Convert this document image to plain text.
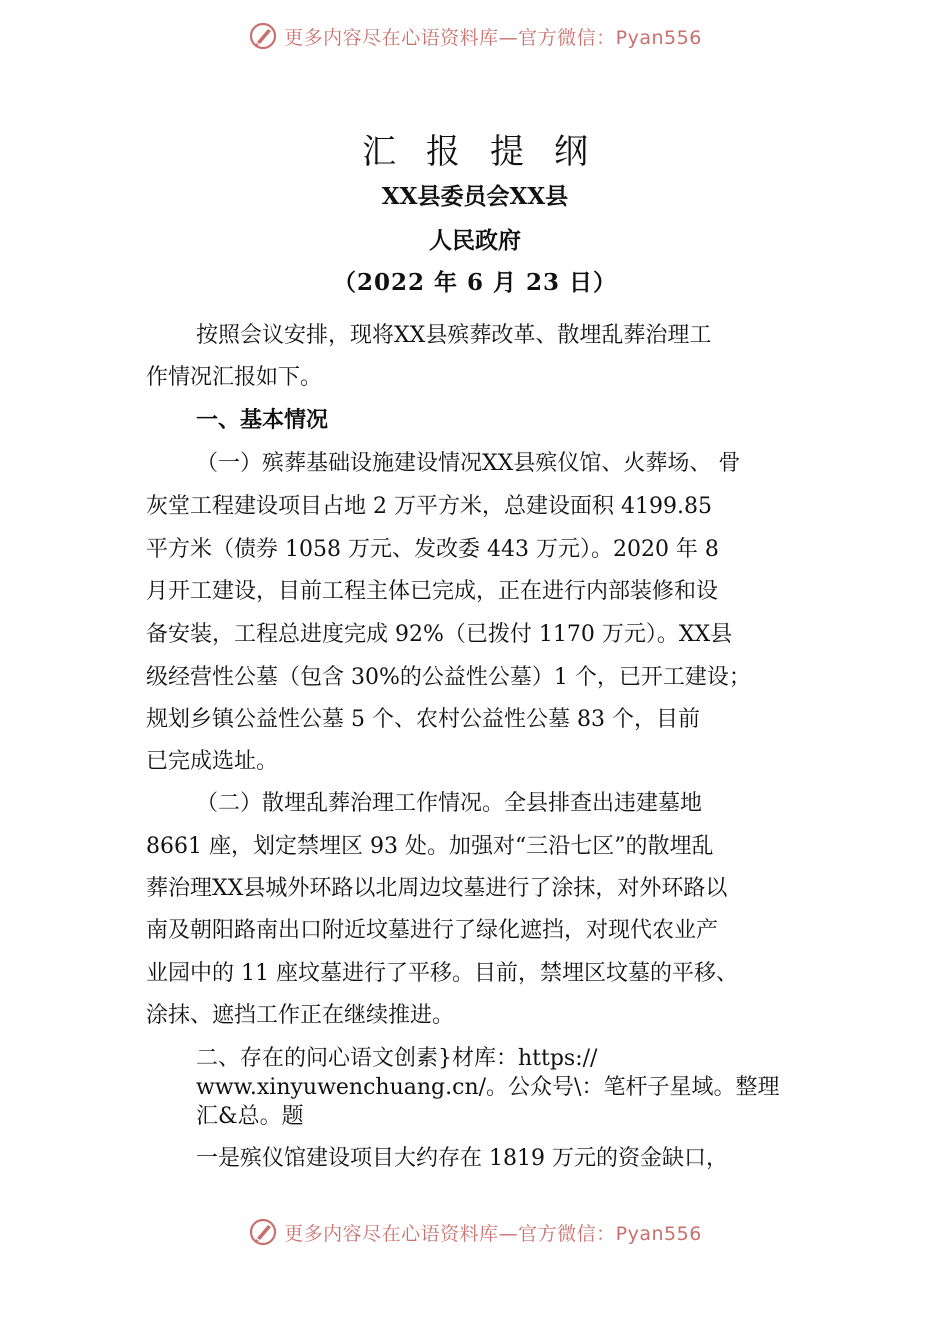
更多内容尽在心语资料库—官方微信：Pyan556
汇报提纲
XX县委员会XX县
人民政府
（2022 年 6 月 23 日）
按照会议安排，现将XX县殡葬改革、散埋乱葬治理工
作情况汇报如下。
一、基本情况
（一）殡葬基础设施建设情况XX县殡仪馆、火葬场、 骨
灰堂工程建设项目占地 2 万平方米，总建设面积 4199.85
平方米（债券 1058 万元、发改委 443 万元）。2020 年 8
月开工建设，目前工程主体已完成，正在进行内部装修和设
备安装，工程总进度完成 92%（已拨付 1170 万元）。XX县
级经营性公墓（包含 30%的公益性公墓）1 个，已开工建设；
规划乡镇公益性公墓 5 个、农村公益性公墓 83 个，目前
已完成选址。
（二）散埋乱葬治理工作情况。全县排查出违建墓地
8661 座，划定禁埋区 93 处。加强对“三沿七区”的散埋乱
葬治理XX县城外环路以北周边坟墓进行了涂抹，对外环路以
南及朝阳路南出口附近坟墓进行了绿化遮挡，对现代农业产
业园中的 11 座坟墓进行了平移。目前，禁埋区坟墓的平移、
涂抹、遮挡工作正在继续推进。
二、存在的问心语文创素}材库：https://
www.xinyuwenchuang.cn/。公众号\：笔杆子星域。整理
汇&总。题
一是殡仪馆建设项目大约存在 1819 万元的资金缺口，
更多内容尽在心语资料库—官方微信：Pyan556
